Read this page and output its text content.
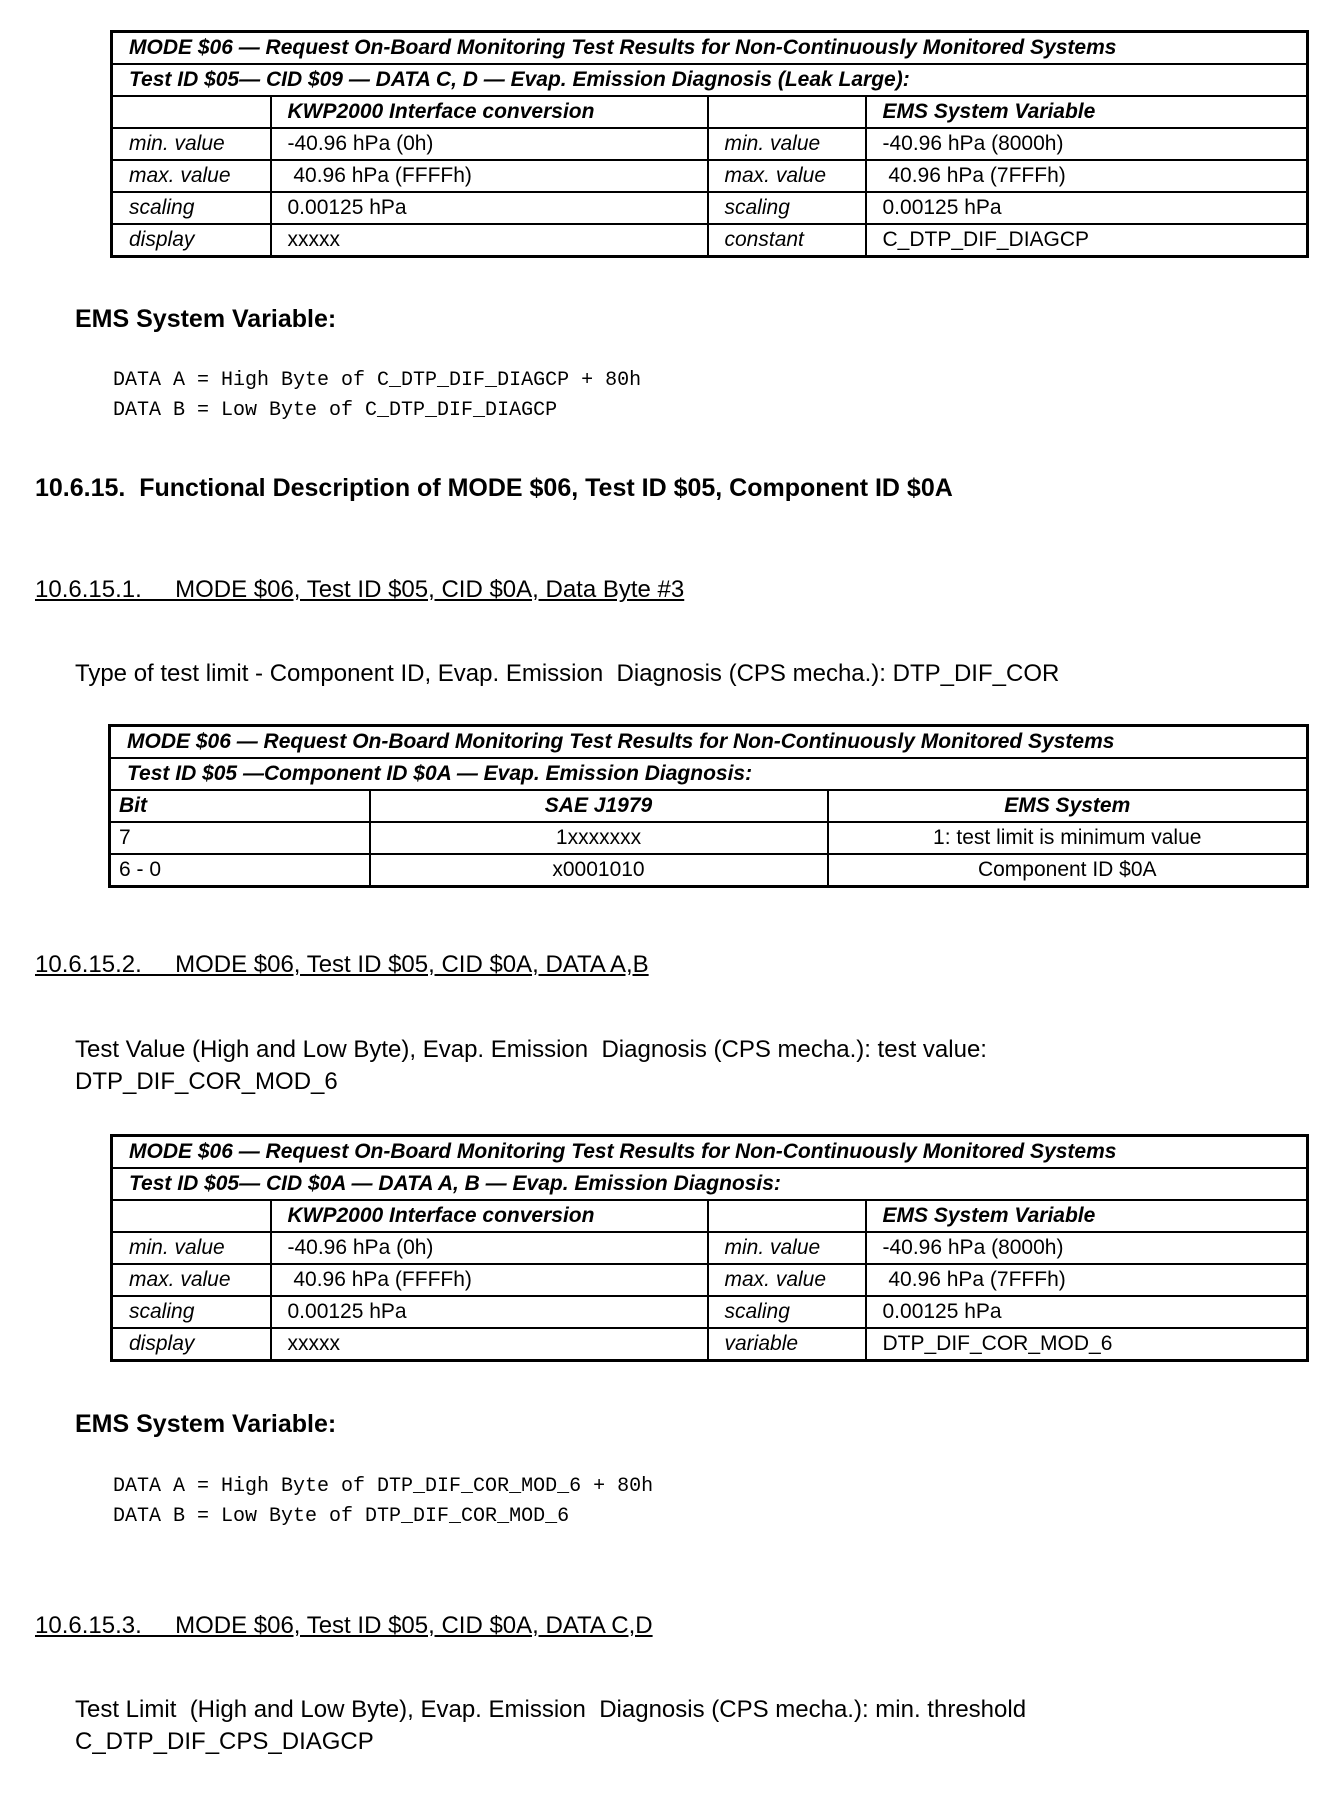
MODE $06 — Request On-Board Monitoring Test Results for Non-Continuously Monitored Systems			
Test ID $05— CID $09 — DATA C, D — Evap. Emission Diagnosis (Leak Large):			
	KWP2000 Interface conversion		EMS System Variable
min. value	-40.96 hPa (0h)	min. value	-40.96 hPa (8000h)
max. value	40.96 hPa (FFFFh)	max. value	40.96 hPa (7FFFh)
scaling	0.00125 hPa	scaling	0.00125 hPa
display	xxxxx	constant	C_DTP_DIF_DIAGCP
EMS System Variable:
DATA A = High Byte of C_DTP_DIF_DIAGCP + 80h
DATA B = Low Byte of C_DTP_DIF_DIAGCP
10.6.15.  Functional Description of MODE $06, Test ID $05, Component ID $0A
10.6.15.1.     MODE $06, Test ID $05, CID $0A, Data Byte #3
Type of test limit - Component ID, Evap. Emission  Diagnosis (CPS mecha.): DTP_DIF_COR
MODE $06 — Request On-Board Monitoring Test Results for Non-Continuously Monitored Systems		
Test ID $05 —Component ID $0A — Evap. Emission Diagnosis:		
Bit	SAE J1979	EMS System
7	1xxxxxxx	1: test limit is minimum value
6 - 0	x0001010	Component ID $0A
10.6.15.2.     MODE $06, Test ID $05, CID $0A, DATA A,B
Test Value (High and Low Byte), Evap. Emission  Diagnosis (CPS mecha.): test value:
DTP_DIF_COR_MOD_6
MODE $06 — Request On-Board Monitoring Test Results for Non-Continuously Monitored Systems			
Test ID $05— CID $0A — DATA A, B — Evap. Emission Diagnosis:			
	KWP2000 Interface conversion		EMS System Variable
min. value	-40.96 hPa (0h)	min. value	-40.96 hPa (8000h)
max. value	40.96 hPa (FFFFh)	max. value	40.96 hPa (7FFFh)
scaling	0.00125 hPa	scaling	0.00125 hPa
display	xxxxx	variable	DTP_DIF_COR_MOD_6
EMS System Variable:
DATA A = High Byte of DTP_DIF_COR_MOD_6 + 80h
DATA B = Low Byte of DTP_DIF_COR_MOD_6
10.6.15.3.     MODE $06, Test ID $05, CID $0A, DATA C,D
Test Limit  (High and Low Byte), Evap. Emission  Diagnosis (CPS mecha.): min. threshold
C_DTP_DIF_CPS_DIAGCP
